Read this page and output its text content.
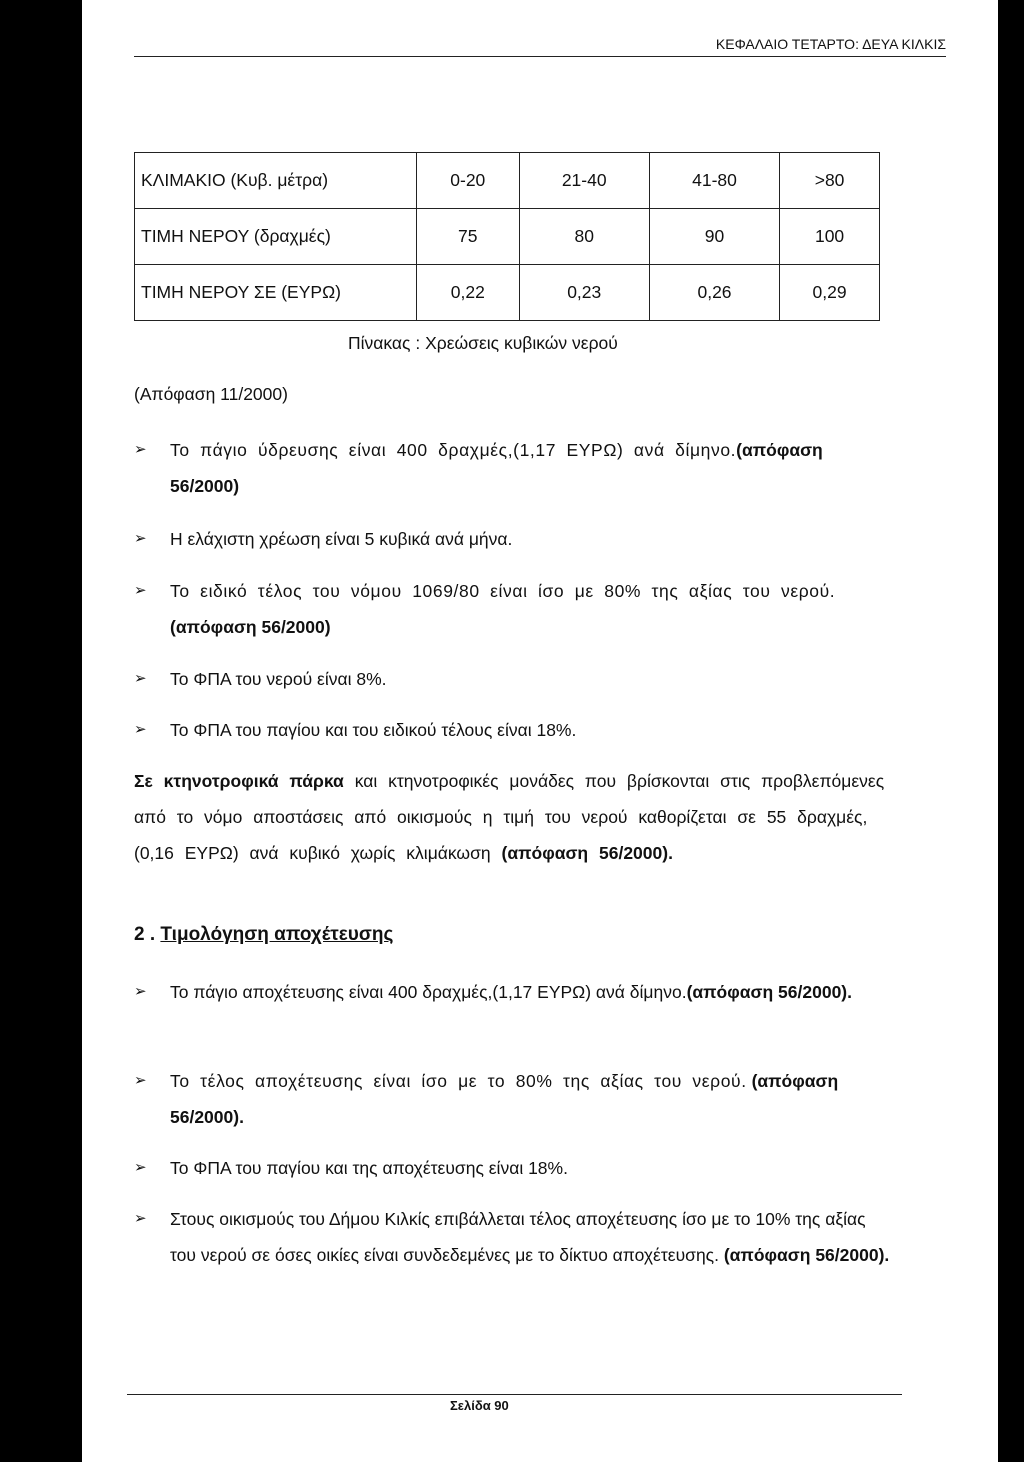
ΚΕΦΑΛΑΙΟ ΤΕΤΑΡΤΟ: ΔΕΥΑ ΚΙΛΚΙΣ
ΚΛΙΜΑΚΙΟ (Κυβ. μέτρα)	0-20	21-40	41-80	>80
ΤΙΜΗ ΝΕΡΟΥ (δραχμές)	75	80	90	100
ΤΙΜΗ ΝΕΡΟΥ ΣΕ (ΕΥΡΩ)	0,22	0,23	0,26	0,29
Πίνακας : Χρεώσεις κυβικών νερού
(Απόφαση 11/2000)
➢ Το πάγιο ύδρευσης είναι 400 δραχμές,(1,17 ΕΥΡΩ) ανά δίμηνο.(απόφαση 56/2000)
➢ Η ελάχιστη χρέωση είναι 5 κυβικά ανά μήνα.
➢ Το ειδικό τέλος του νόμου 1069/80 είναι ίσο με 80% της αξίας του νερού. (απόφαση 56/2000)
➢ Το ΦΠΑ του νερού είναι 8%.
➢ Το ΦΠΑ του παγίου και του ειδικού τέλους είναι 18%.
Σε κτηνοτροφικά πάρκα και κτηνοτροφικές μονάδες που βρίσκονται στις προβλεπόμενες από το νόμο αποστάσεις από οικισμούς η τιμή του νερού καθορίζεται σε 55 δραχμές, (0,16 ΕΥΡΩ) ανά κυβικό χωρίς κλιμάκωση (απόφαση 56/2000).
2 . Τιμολόγηση αποχέτευσης
➢ Το πάγιο αποχέτευσης είναι 400 δραχμές,(1,17 ΕΥΡΩ) ανά δίμηνο.(απόφαση 56/2000).
➢ Το τέλος αποχέτευσης είναι ίσο με το 80% της αξίας του νερού. (απόφαση 56/2000).
➢ Το ΦΠΑ του παγίου και της αποχέτευσης είναι 18%.
➢ Στους οικισμούς του Δήμου Κιλκίς επιβάλλεται τέλος αποχέτευσης ίσο με το 10% της αξίας του νερού σε όσες οικίες είναι συνδεδεμένες με το δίκτυο αποχέτευσης. (απόφαση 56/2000).
Σελίδα 90
